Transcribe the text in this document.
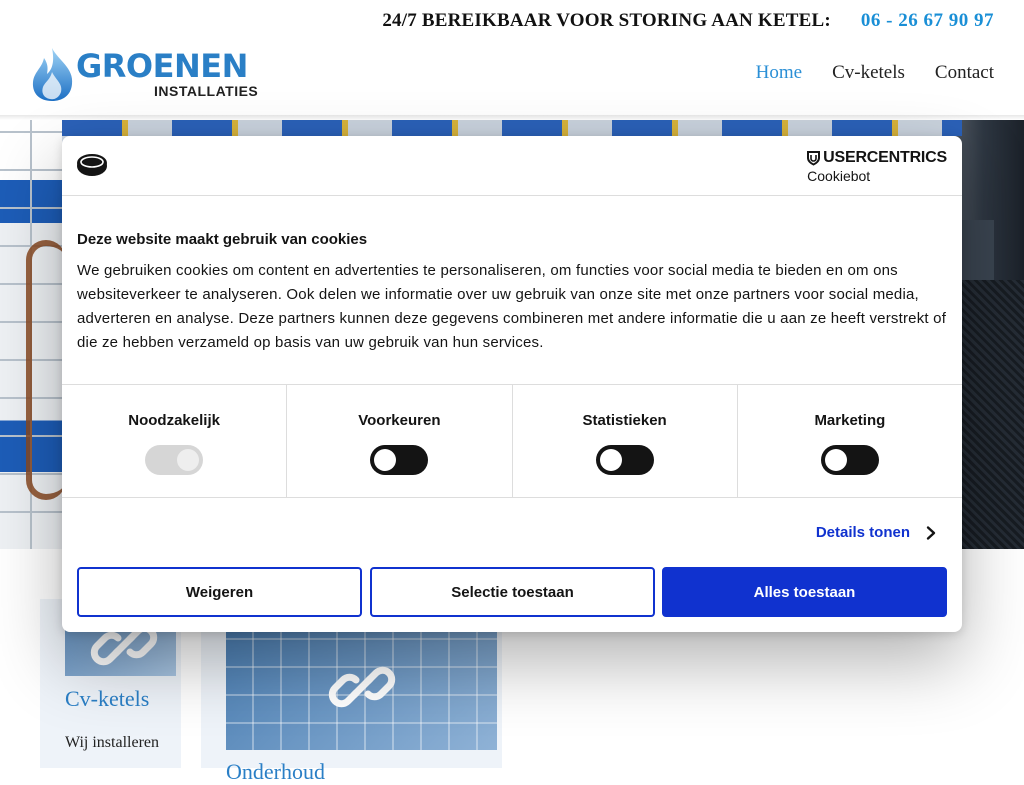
24/7 BEREIKBAAR VOOR STORING AAN KETEL: 06 - 26 67 90 97
GROENEN
INSTALLATIES
Home Cv-ketels Contact
Cv-ketels
Wij installeren
Onderhoud
USERCENTRICS
Cookiebot
Deze website maakt gebruik van cookies
We gebruiken cookies om content en advertenties te personaliseren, om functies voor social media te bieden en om ons websiteverkeer te analyseren. Ook delen we informatie over uw gebruik van onze site met onze partners voor social media, adverteren en analyse. Deze partners kunnen deze gegevens combineren met andere informatie die u aan ze heeft verstrekt of die ze hebben verzameld op basis van uw gebruik van hun services.
Noodzakelijk	Voorkeuren	Statistieken	Marketing
Details tonen
Weigeren	Selectie toestaan	Alles toestaan
